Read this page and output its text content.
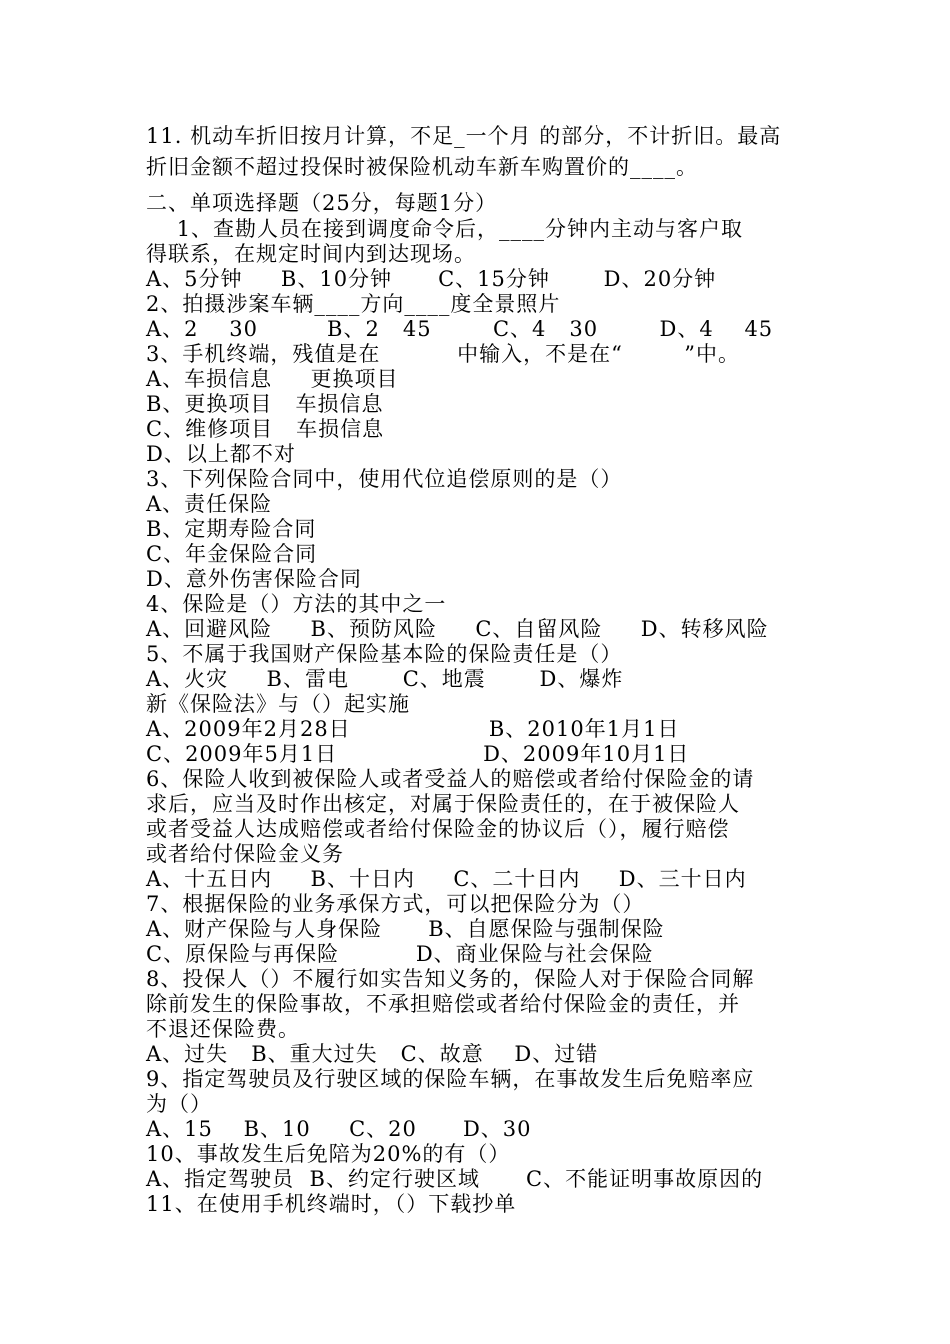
11. 机动车折旧按月计算，不足_一个月 的部分，不计折旧。最高
折旧金额不超过投保时被保险机动车新车购置价的____。
二、单项选择题（25分，每题1分）
1、查勘人员在接到调度命令后，____分钟内主动与客户取
得联系，在规定时间内到达现场。
A、5分钟     B、10分钟      C、15分钟       D、20分钟
2、拍摄涉案车辆____方向____度全景照片
A、2    30         B、2   45        C、4   30        D、4    45
3、手机终端，残值是在          中输入，不是在“        ”中。
A、车损信息     更换项目
B、更换项目   车损信息
C、维修项目   车损信息
D、以上都不对
3、下列保险合同中，使用代位追偿原则的是（）
A、责任保险
B、定期寿险合同
C、年金保险合同
D、意外伤害保险合同
4、保险是（）方法的其中之一
A、回避风险     B、预防风险     C、自留风险     D、转移风险
5、不属于我国财产保险基本险的保险责任是（）
A、火灾     B、雷电       C、地震       D、爆炸
新《保险法》与（）起实施
A、2009年2月28日                  B、2010年1月1日
C、2009年5月1日                   D、2009年10月1日
6、保险人收到被保险人或者受益人的赔偿或者给付保险金的请
求后，应当及时作出核定，对属于保险责任的，在于被保险人
或者受益人达成赔偿或者给付保险金的协议后（），履行赔偿
或者给付保险金义务
A、十五日内     B、十日内     C、二十日内     D、三十日内
7、根据保险的业务承保方式，可以把保险分为（）
A、财产保险与人身保险      B、自愿保险与强制保险
C、原保险与再保险          D、商业保险与社会保险
8、投保人（）不履行如实告知义务的，保险人对于保险合同解
除前发生的保险事故，不承担赔偿或者给付保险金的责任，并
不退还保险费。
A、过失   B、重大过失   C、故意    D、过错
9、指定驾驶员及行驶区域的保险车辆，在事故发生后免赔率应
为（）
A、15    B、10     C、20      D、30
10、事故发生后免陪为20%的有（）
A、指定驾驶员  B、约定行驶区域      C、不能证明事故原因的
11、在使用手机终端时，（）下载抄单
